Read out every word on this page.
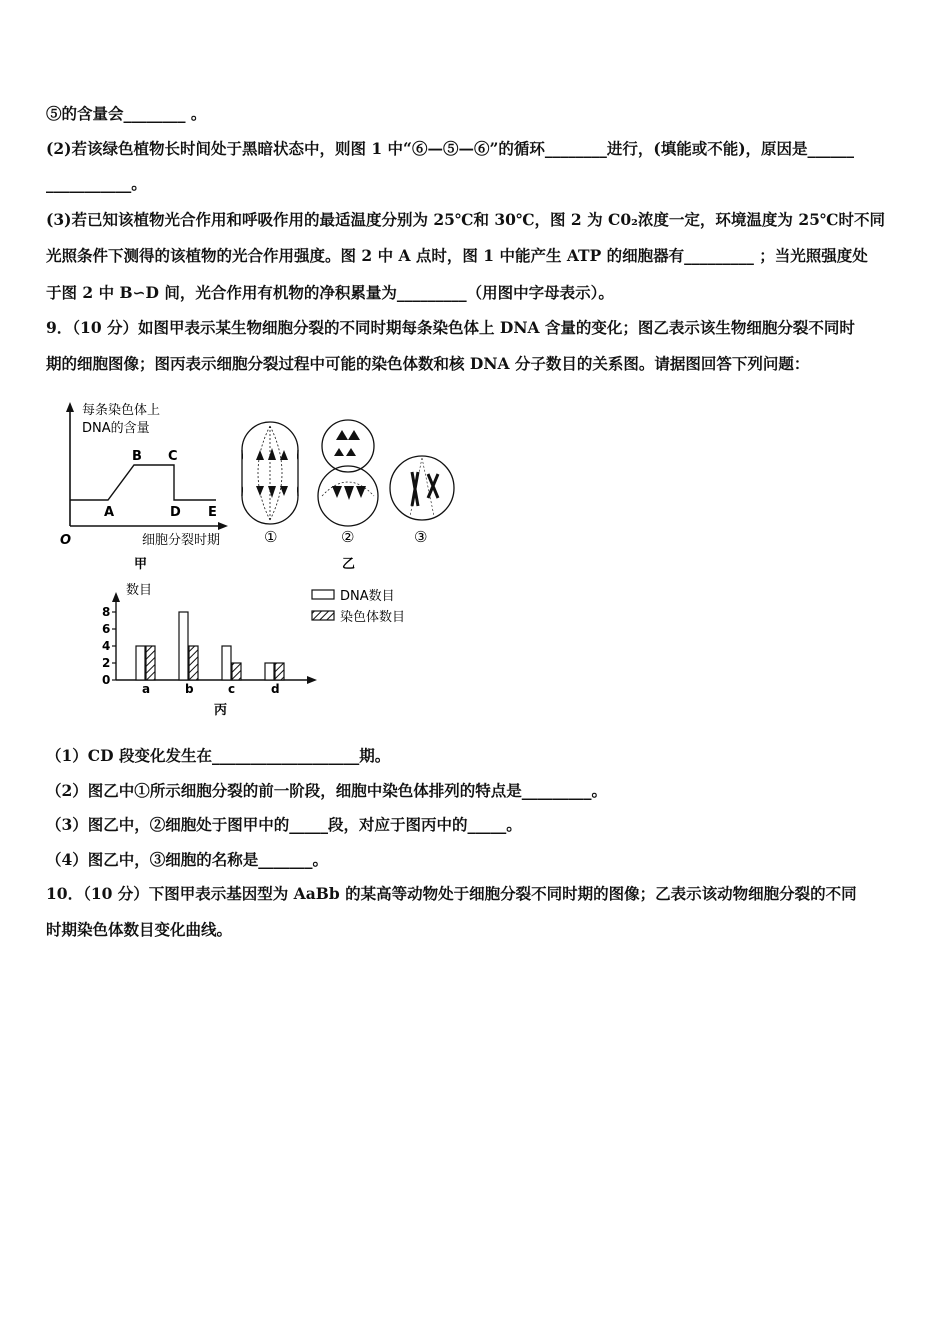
⑤的含量会________ 。
(2)若该绿色植物长时间处于黑暗状态中，则图 1 中“⑥—⑤—⑥”的循环________进行，(填能或不能)，原因是______
___________。
(3)若已知该植物光合作用和呼吸作用的最适温度分别为 25℃和 30℃，图 2 为 C0₂浓度一定，环境温度为 25℃时不同
光照条件下测得的该植物的光合作用强度。图 2 中 A 点时，图 1 中能产生 ATP 的细胞器有_________ ；当光照强度处
于图 2 中 B∽D 间，光合作用有机物的净积累量为_________（用图中字母表示）。
9．（10 分）如图甲表示某生物细胞分裂的不同时期每条染色体上 DNA 含量的变化；图乙表示该生物细胞分裂不同时
期的细胞图像；图丙表示细胞分裂过程中可能的染色体数和核 DNA 分子数目的关系图。请据图回答下列问题：
每条染色体上
DNA的含量
A
B C
D E
O	细胞分裂时期
甲
①	②	③
乙
数目
丙
DNA数目
染色体数目
0
2
4
6
8
a	b	c	d
（1）CD 段变化发生在___________________期。
（2）图乙中①所示细胞分裂的前一阶段，细胞中染色体排列的特点是_________。
（3）图乙中，②细胞处于图甲中的_____段，对应于图丙中的_____。
（4）图乙中，③细胞的名称是_______。
10．（10 分）下图甲表示基因型为 AaBb 的某高等动物处于细胞分裂不同时期的图像；乙表示该动物细胞分裂的不同
时期染色体数目变化曲线。
